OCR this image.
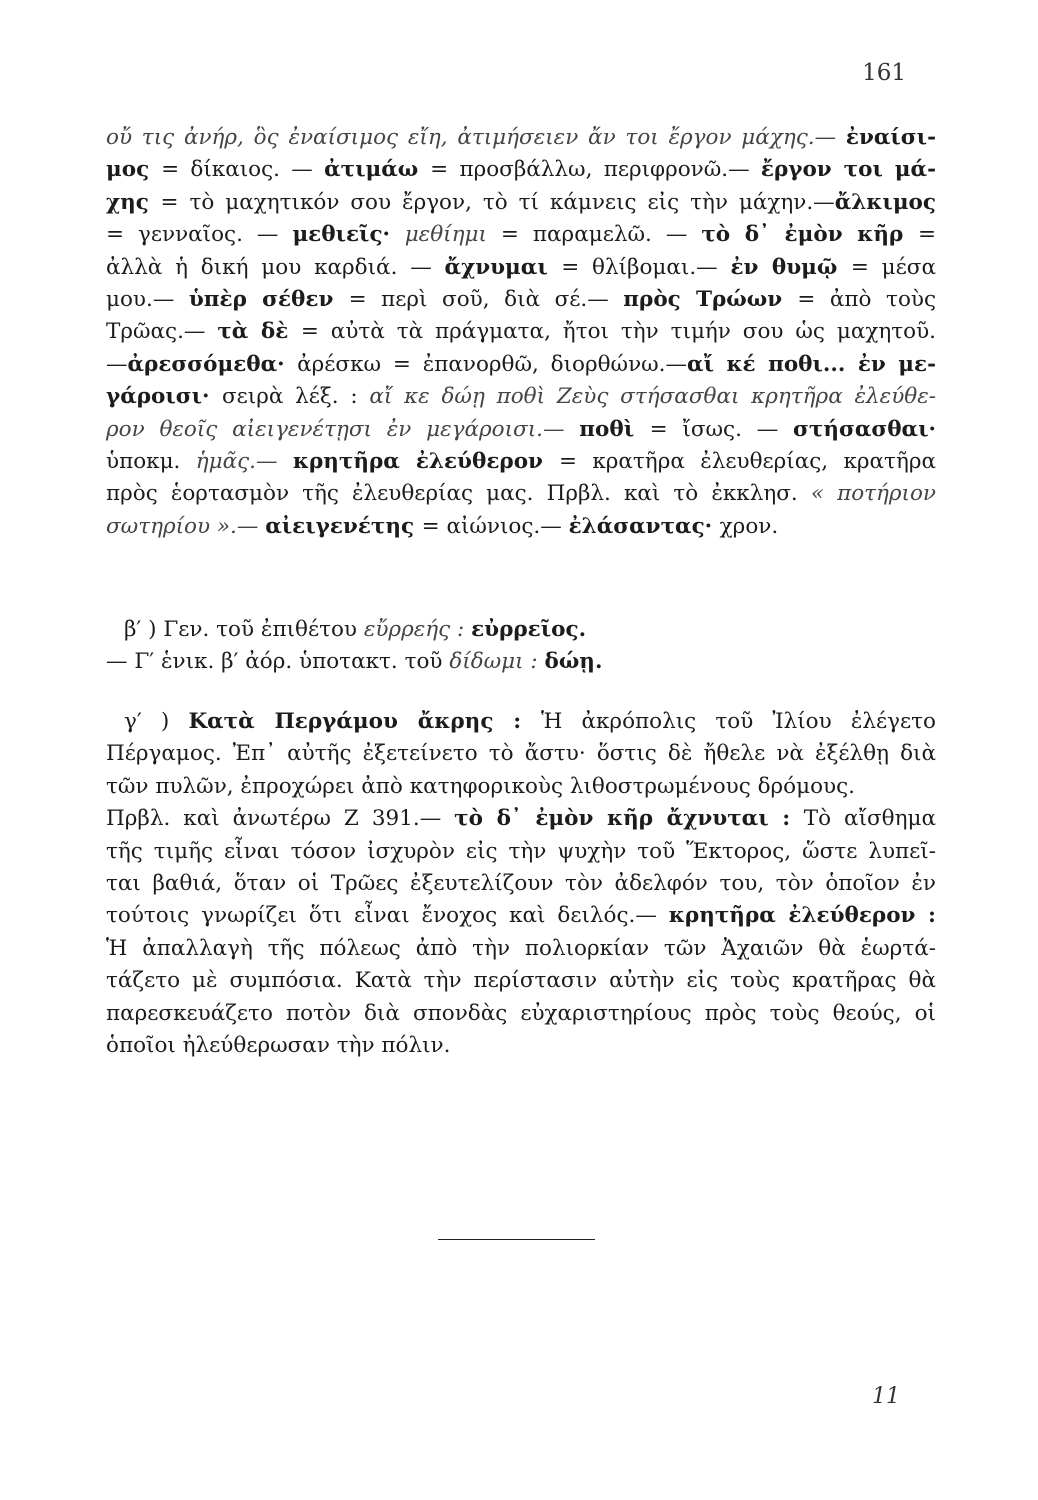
161
οὔ τις ἀνήρ, ὃς ἐναίσιμος εἴη, ἀτιμήσειεν ἄν τοι ἔργον μάχης.— ἐναίσι-
μος = δίκαιος. — ἀτιμάω = προσβάλλω, περιφρονῶ.— ἔργον τοι μά-
χης = τὸ μαχητικόν σου ἔργον, τὸ τί κάμνεις εἰς τὴν μάχην.—ἄλκιμος
= γενναῖος. — μεθιεῖς· μεθίημι = παραμελῶ. — τὸ δ᾽ ἐμὸν κῆρ =
ἀλλὰ ἡ δική μου καρδιά. — ἄχνυμαι = θλίβομαι.— ἐν θυμῷ = μέσα
μου.— ὑπὲρ σέθεν = περὶ σοῦ, διὰ σέ.— πρὸς Τρώων = ἀπὸ τοὺς
Τρῶας.— τὰ δὲ = αὐτὰ τὰ πράγματα, ἤτοι τὴν τιμήν σου ὡς μαχητοῦ.
—ἀρεσσόμεθα· ἀρέσκω = ἐπανορθῶ, διορθώνω.—αἴ κέ ποθι... ἐν με-
γάροισι· σειρὰ λέξ. : αἴ κε δώῃ ποθὶ Ζεὺς στήσασθαι κρητῆρα ἐλεύθε-
ρον θεοῖς αἰειγενέτῃσι ἐν μεγάροισι.— ποθὶ = ἴσως. — στήσασθαι·
ὑποκμ. ἡμᾶς.— κρητῆρα ἐλεύθερον = κρατῆρα ἐλευθερίας, κρατῆρα
πρὸς ἑορτασμὸν τῆς ἐλευθερίας μας. Πρβλ. καὶ τὸ ἐκκλησ. « ποτήριον
σωτηρίου ».— αἰειγενέτης = αἰώνιος.— ἐλάσαντας· χρον.
β′ ) Γεν. τοῦ ἐπιθέτου εὔρρεής : εὐρρεῖος.
— Γ′ ἑνικ. β′ ἀόρ. ὑποτακτ. τοῦ δίδωμι : δώῃ.
γ′ ) Κατὰ Περγάμου ἄκρης : Ἡ ἀκρόπολις τοῦ Ἰλίου ἐλέγετο
Πέργαμος. Ἐπ᾽ αὐτῆς ἐξετείνετο τὸ ἄστυ· ὅστις δὲ ἤθελε νὰ ἐξέλθῃ διὰ
τῶν πυλῶν, ἐπροχώρει ἀπὸ κατηφορικοὺς λιθοστρωμένους δρόμους.
Πρβλ. καὶ ἀνωτέρω Ζ 391.— τὸ δ᾽ ἐμὸν κῆρ ἄχνυται : Τὸ αἴσθημα
τῆς τιμῆς εἶναι τόσον ἰσχυρὸν εἰς τὴν ψυχὴν τοῦ Ἕκτορος, ὥστε λυπεῖ-
ται βαθιά, ὅταν οἱ Τρῶες ἐξευτελίζουν τὸν ἀδελφόν του, τὸν ὁποῖον ἐν
τούτοις γνωρίζει ὅτι εἶναι ἔνοχος καὶ δειλός.— κρητῆρα ἐλεύθερον :
Ἡ ἀπαλλαγὴ τῆς πόλεως ἀπὸ τὴν πολιορκίαν τῶν Ἀχαιῶν θὰ ἑωρτά-
τάζετο μὲ συμπόσια. Κατὰ τὴν περίστασιν αὐτὴν εἰς τοὺς κρατῆρας θὰ
παρεσκευάζετο ποτὸν διὰ σπονδὰς εὐχαριστηρίους πρὸς τοὺς θεούς, οἱ
ὁποῖοι ἠλεύθερωσαν τὴν πόλιν.
11
